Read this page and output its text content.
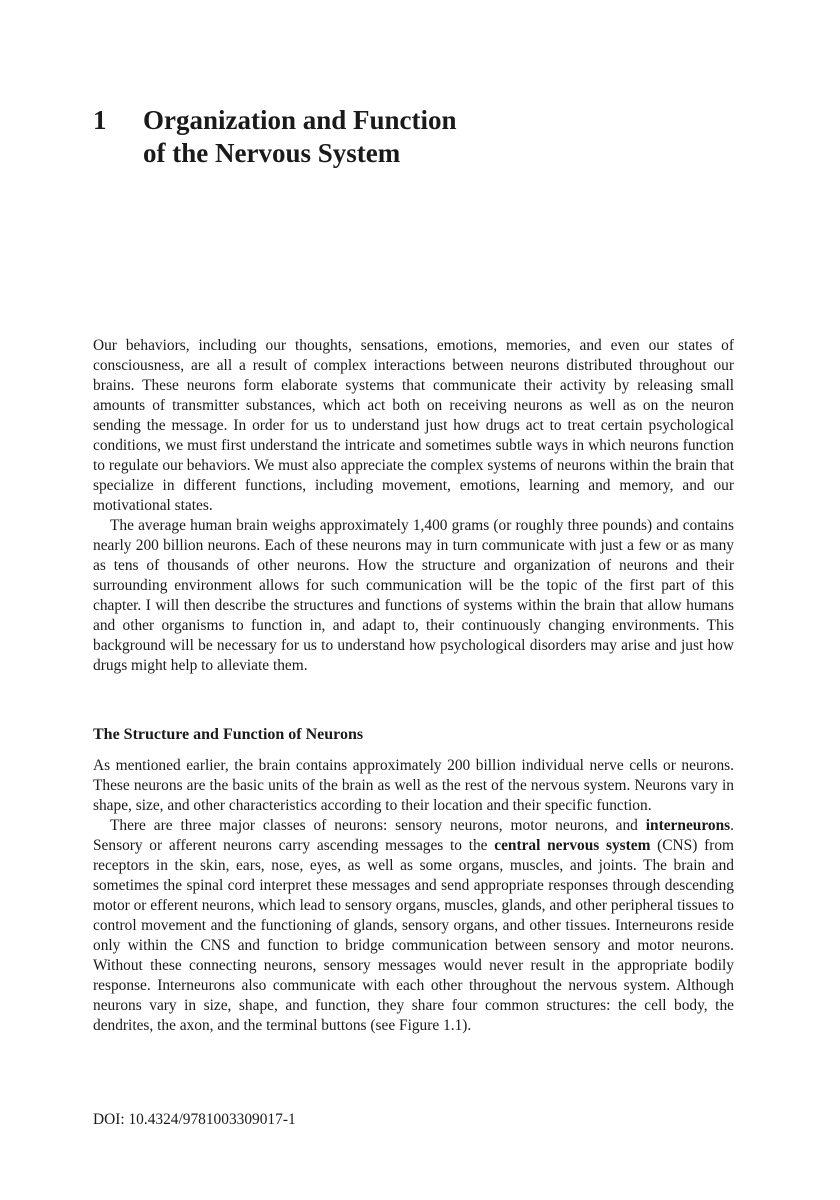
1	Organization and Function
of the Nervous System

Our behaviors, including our thoughts, sensations, emotions, memories, and even our states of consciousness, are all a result of complex interactions between neurons distributed throughout our brains. These neurons form elaborate systems that communicate their activity by releasing small amounts of transmitter substances, which act both on receiving neurons as well as on the neuron sending the message. In order for us to understand just how drugs act to treat certain psychological conditions, we must first understand the intricate and sometimes subtle ways in which neurons function to regulate our behaviors. We must also appreciate the complex systems of neurons within the brain that specialize in different functions, including movement, emotions, learning and memory, and our motivational states.

The average human brain weighs approximately 1,400 grams (or roughly three pounds) and contains nearly 200 billion neurons. Each of these neurons may in turn communicate with just a few or as many as tens of thousands of other neurons. How the structure and organization of neurons and their surrounding environment allows for such communication will be the topic of the first part of this chapter. I will then describe the structures and functions of systems within the brain that allow humans and other organisms to function in, and adapt to, their continuously changing environments. This background will be necessary for us to understand how psychological disorders may arise and just how drugs might help to alleviate them.

The Structure and Function of Neurons

As mentioned earlier, the brain contains approximately 200 billion individual nerve cells or neurons. These neurons are the basic units of the brain as well as the rest of the nervous system. Neurons vary in shape, size, and other characteristics according to their location and their specific function.

There are three major classes of neurons: sensory neurons, motor neurons, and interneurons. Sensory or afferent neurons carry ascending messages to the central nervous system (CNS) from receptors in the skin, ears, nose, eyes, as well as some organs, muscles, and joints. The brain and sometimes the spinal cord interpret these messages and send appropriate responses through descending motor or efferent neurons, which lead to sensory organs, muscles, glands, and other peripheral tissues to control movement and the functioning of glands, sensory organs, and other tissues. Interneurons reside only within the CNS and function to bridge communication between sensory and motor neurons. Without these connecting neurons, sensory messages would never result in the appropriate bodily response. Interneurons also communicate with each other throughout the nervous system. Although neurons vary in size, shape, and function, they share four common structures: the cell body, the dendrites, the axon, and the terminal buttons (see Figure 1.1).

DOI: 10.4324/9781003309017-1
